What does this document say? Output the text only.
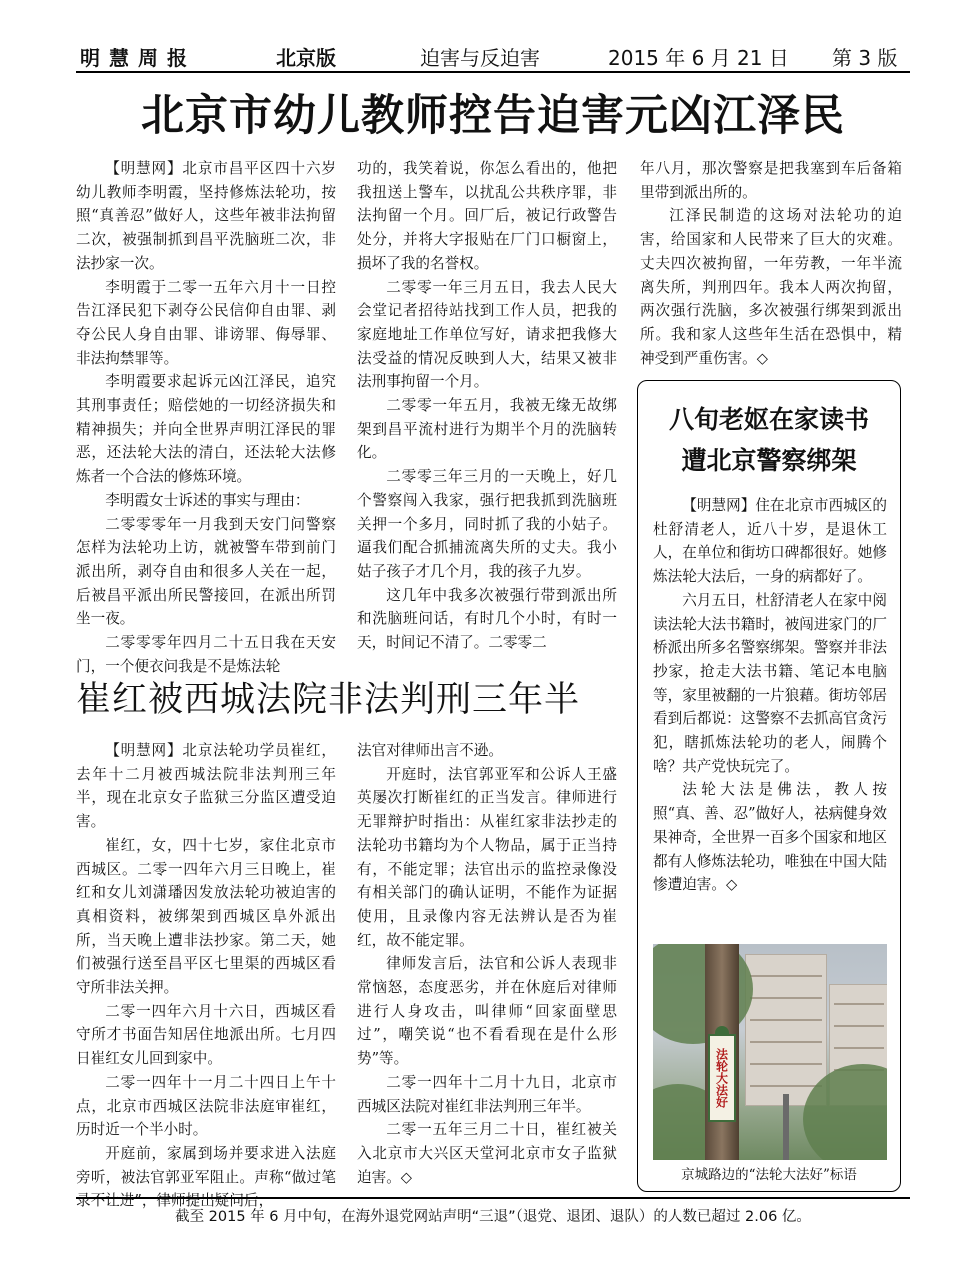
明慧周报	北京版	迫害与反迫害	2015 年 6 月 21 日 第 3 版
北京市幼儿教师控告迫害元凶江泽民

【明慧网】北京市昌平区四十六岁幼儿教师李明霞，坚持修炼法轮功，按照“真善忍”做好人，这些年被非法拘留二次，被强制抓到昌平洗脑班二次，非法抄家一次。

李明霞于二零一五年六月十一日控告江泽民犯下剥夺公民信仰自由罪、剥夺公民人身自由罪、诽谤罪、侮辱罪、非法拘禁罪等。

李明霞要求起诉元凶江泽民，追究其刑事责任；赔偿她的一切经济损失和精神损失；并向全世界声明江泽民的罪恶，还法轮大法的清白，还法轮大法修炼者一个合法的修炼环境。

李明霞女士诉述的事实与理由：

二零零零年一月我到天安门问警察怎样为法轮功上访，就被警车带到前门派出所，剥夺自由和很多人关在一起，后被昌平派出所民警接回，在派出所罚坐一夜。

二零零零年四月二十五日我在天安门，一个便衣问我是不是炼法轮

功的，我笑着说，你怎么看出的，他把我扭送上警车，以扰乱公共秩序罪，非法拘留一个月。回厂后，被记行政警告处分，并将大字报贴在厂门口橱窗上，损坏了我的名誉权。

二零零一年三月五日，我去人民大会堂记者招待站找到工作人员，把我的家庭地址工作单位写好，请求把我修大法受益的情况反映到人大，结果又被非法刑事拘留一个月。

二零零一年五月，我被无缘无故绑架到昌平流村进行为期半个月的洗脑转化。

二零零三年三月的一天晚上，好几个警察闯入我家，强行把我抓到洗脑班关押一个多月，同时抓了我的小姑子。逼我们配合抓捕流离失所的丈夫。我小姑子孩子才几个月，我的孩子九岁。

这几年中我多次被强行带到派出所和洗脑班问话，有时几个小时，有时一天，时间记不清了。二零零二

年八月，那次警察是把我塞到车后备箱里带到派出所的。

江泽民制造的这场对法轮功的迫害，给国家和人民带来了巨大的灾难。丈夫四次被拘留，一年劳教，一年半流离失所，判刑四年。我本人两次拘留，两次强行洗脑，多次被强行绑架到派出所。我和家人这些年生活在恐惧中，精神受到严重伤害。◇

崔红被西城法院非法判刑三年半

【明慧网】北京法轮功学员崔红，去年十二月被西城法院非法判刑三年半，现在北京女子监狱三分监区遭受迫害。

崔红，女，四十七岁，家住北京市西城区。二零一四年六月三日晚上，崔红和女儿刘潇璠因发放法轮功被迫害的真相资料，被绑架到西城区阜外派出所，当天晚上遭非法抄家。第二天，她们被强行送至昌平区七里渠的西城区看守所非法关押。

二零一四年六月十六日，西城区看守所才书面告知居住地派出所。七月四日崔红女儿回到家中。

二零一四年十一月二十四日上午十点，北京市西城区法院非法庭审崔红，历时近一个半小时。

开庭前，家属到场并要求进入法庭旁听，被法官郭亚军阻止。声称“做过笔录不让进”，律师提出疑问后，

法官对律师出言不逊。

开庭时，法官郭亚军和公诉人王盛英屡次打断崔红的正当发言。律师进行无罪辩护时指出：从崔红家非法抄走的法轮功书籍均为个人物品，属于正当持有，不能定罪；法官出示的监控录像没有相关部门的确认证明，不能作为证据使用，且录像内容无法辨认是否为崔红，故不能定罪。

律师发言后，法官和公诉人表现非常恼怒，态度恶劣，并在休庭后对律师进行人身攻击，叫律师“回家面壁思过”，嘲笑说“也不看看现在是什么形势”等。

二零一四年十二月十九日，北京市西城区法院对崔红非法判刑三年半。

二零一五年三月二十日，崔红被关入北京市大兴区天堂河北京市女子监狱迫害。◇

八旬老妪在家读书
遭北京警察绑架

【明慧网】住在北京市西城区的杜舒清老人，近八十岁，是退休工人，在单位和街坊口碑都很好。她修炼法轮大法后，一身的病都好了。

六月五日，杜舒清老人在家中阅读法轮大法书籍时，被闯进家门的厂桥派出所多名警察绑架。警察并非法抄家，抢走大法书籍、笔记本电脑等，家里被翻的一片狼藉。街坊邻居看到后都说：这警察不去抓高官贪污犯，瞎抓炼法轮功的老人，闹腾个啥？共产党快玩完了。

法轮大法是佛法，教人按照“真、善、忍”做好人，祛病健身效果神奇，全世界一百多个国家和地区都有人修炼法轮功，唯独在中国大陆惨遭迫害。◇

法轮大法好
京城路边的“法轮大法好”标语
截至 2015 年 6 月中旬，在海外退党网站声明“三退”（退党、退团、退队）的人数已超过 2.06 亿。
